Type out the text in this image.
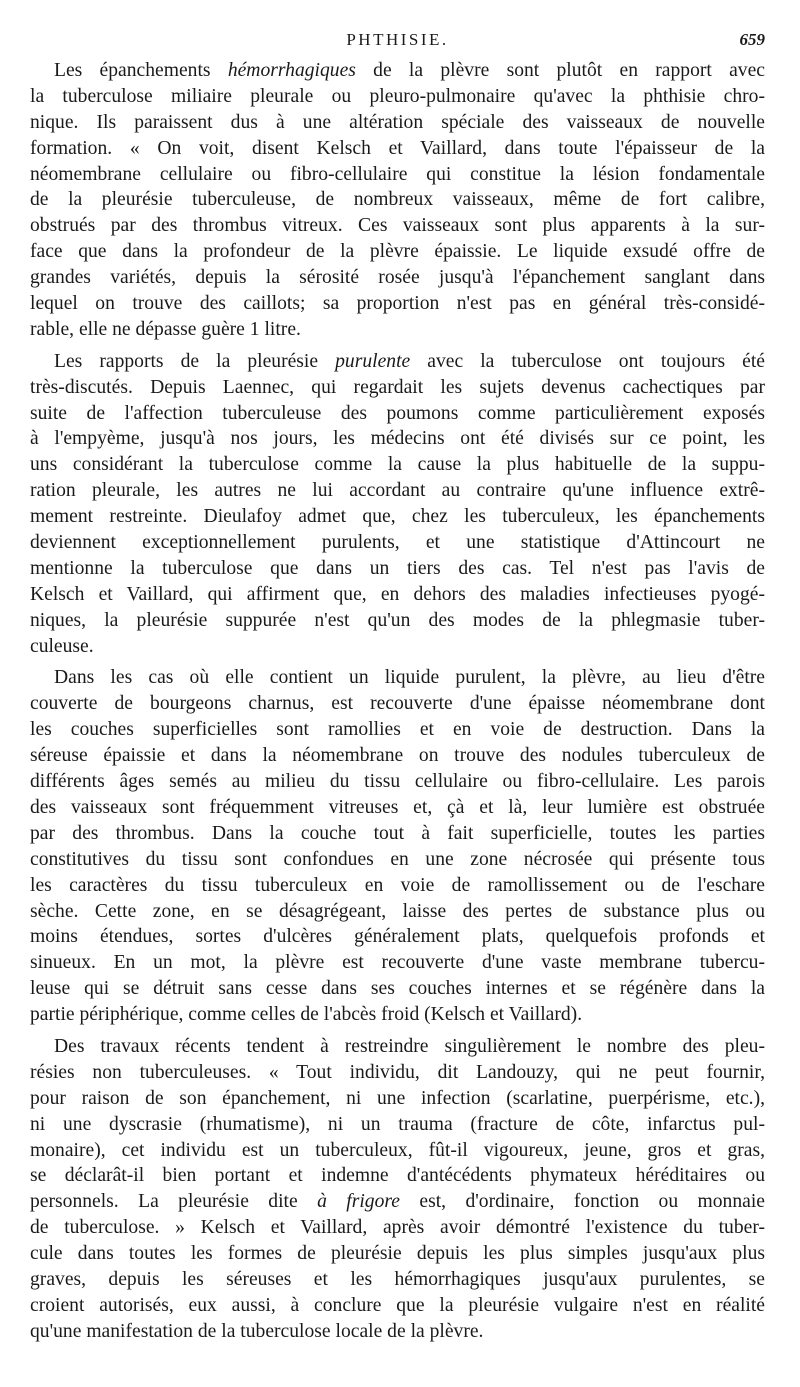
PHTHISIE.	659
Les épanchements hémorrhagiques de la plèvre sont plutôt en rapport avec
la tuberculose miliaire pleurale ou pleuro-pulmonaire qu'avec la phthisie chro-
nique. Ils paraissent dus à une altération spéciale des vaisseaux de nouvelle
formation. « On voit, disent Kelsch et Vaillard, dans toute l'épaisseur de la
néomembrane cellulaire ou fibro-cellulaire qui constitue la lésion fondamentale
de la pleurésie tuberculeuse, de nombreux vaisseaux, même de fort calibre,
obstrués par des thrombus vitreux. Ces vaisseaux sont plus apparents à la sur-
face que dans la profondeur de la plèvre épaissie. Le liquide exsudé offre de
grandes variétés, depuis la sérosité rosée jusqu'à l'épanchement sanglant dans
lequel on trouve des caillots; sa proportion n'est pas en général très-considé-
rable, elle ne dépasse guère 1 litre.
Les rapports de la pleurésie purulente avec la tuberculose ont toujours été
très-discutés. Depuis Laennec, qui regardait les sujets devenus cachectiques par
suite de l'affection tuberculeuse des poumons comme particulièrement exposés
à l'empyème, jusqu'à nos jours, les médecins ont été divisés sur ce point, les
uns considérant la tuberculose comme la cause la plus habituelle de la suppu-
ration pleurale, les autres ne lui accordant au contraire qu'une influence extrê-
mement restreinte. Dieulafoy admet que, chez les tuberculeux, les épanchements
deviennent exceptionnellement purulents, et une statistique d'Attincourt ne
mentionne la tuberculose que dans un tiers des cas. Tel n'est pas l'avis de
Kelsch et Vaillard, qui affirment que, en dehors des maladies infectieuses pyogé-
niques, la pleurésie suppurée n'est qu'un des modes de la phlegmasie tuber-
culeuse.
Dans les cas où elle contient un liquide purulent, la plèvre, au lieu d'être
couverte de bourgeons charnus, est recouverte d'une épaisse néomembrane dont
les couches superficielles sont ramollies et en voie de destruction. Dans la
séreuse épaissie et dans la néomembrane on trouve des nodules tuberculeux de
différents âges semés au milieu du tissu cellulaire ou fibro-cellulaire. Les parois
des vaisseaux sont fréquemment vitreuses et, çà et là, leur lumière est obstruée
par des thrombus. Dans la couche tout à fait superficielle, toutes les parties
constitutives du tissu sont confondues en une zone nécrosée qui présente tous
les caractères du tissu tuberculeux en voie de ramollissement ou de l'eschare
sèche. Cette zone, en se désagrégeant, laisse des pertes de substance plus ou
moins étendues, sortes d'ulcères généralement plats, quelquefois profonds et
sinueux. En un mot, la plèvre est recouverte d'une vaste membrane tubercu-
leuse qui se détruit sans cesse dans ses couches internes et se régénère dans la
partie périphérique, comme celles de l'abcès froid (Kelsch et Vaillard).
Des travaux récents tendent à restreindre singulièrement le nombre des pleu-
résies non tuberculeuses. « Tout individu, dit Landouzy, qui ne peut fournir,
pour raison de son épanchement, ni une infection (scarlatine, puerpérisme, etc.),
ni une dyscrasie (rhumatisme), ni un trauma (fracture de côte, infarctus pul-
monaire), cet individu est un tuberculeux, fût-il vigoureux, jeune, gros et gras,
se déclarât-il bien portant et indemne d'antécédents phymateux héréditaires ou
personnels. La pleurésie dite à frigore est, d'ordinaire, fonction ou monnaie
de tuberculose. » Kelsch et Vaillard, après avoir démontré l'existence du tuber-
cule dans toutes les formes de pleurésie depuis les plus simples jusqu'aux plus
graves, depuis les séreuses et les hémorrhagiques jusqu'aux purulentes, se
croient autorisés, eux aussi, à conclure que la pleurésie vulgaire n'est en réalité
qu'une manifestation de la tuberculose locale de la plèvre.
